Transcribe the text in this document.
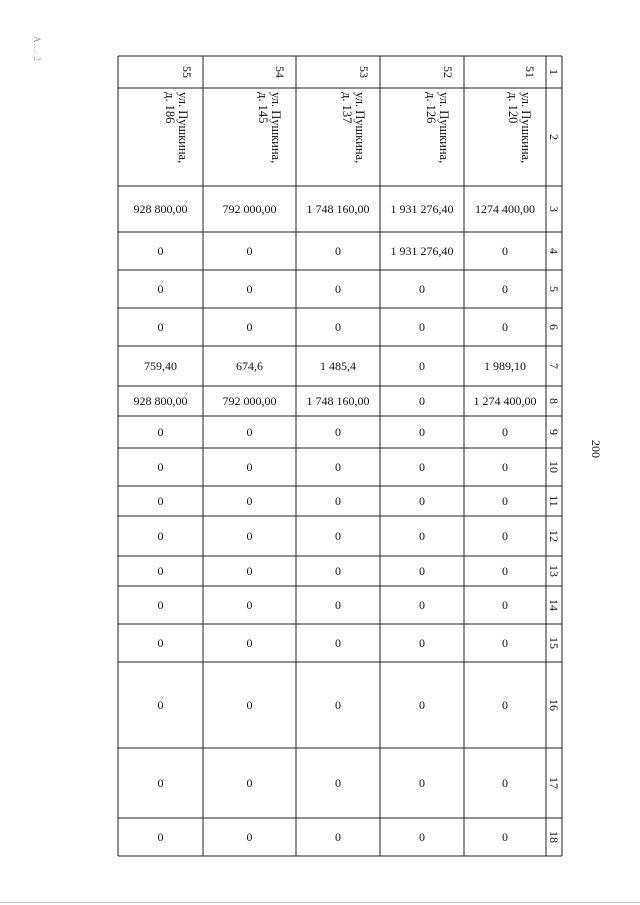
A... 2
200
1
2
3
4
5
6
7
8
9
10
11
12
13
14
15
16
17
18
55
ул. Пушкина,
д. 186
928 800,00
0
0
0
759,40
928 800,00
0
0
0
0
0
0
0
0
0
0
54
ул. Пушкина,
д. 145
792 000,00
0
0
0
674,6
792 000,00
0
0
0
0
0
0
0
0
0
0
53
ул. Пушкина,
д. 137
1 748 160,00
0
0
0
1 485,4
1 748 160,00
0
0
0
0
0
0
0
0
0
0
52
ул. Пушкина,
д. 126
1 931 276,40
1 931 276,40
0
0
0
0
0
0
0
0
0
0
0
0
0
0
51
ул. Пушкина,
д. 120
1274 400,00
0
0
0
1 989,10
1 274 400,00
0
0
0
0
0
0
0
0
0
0
